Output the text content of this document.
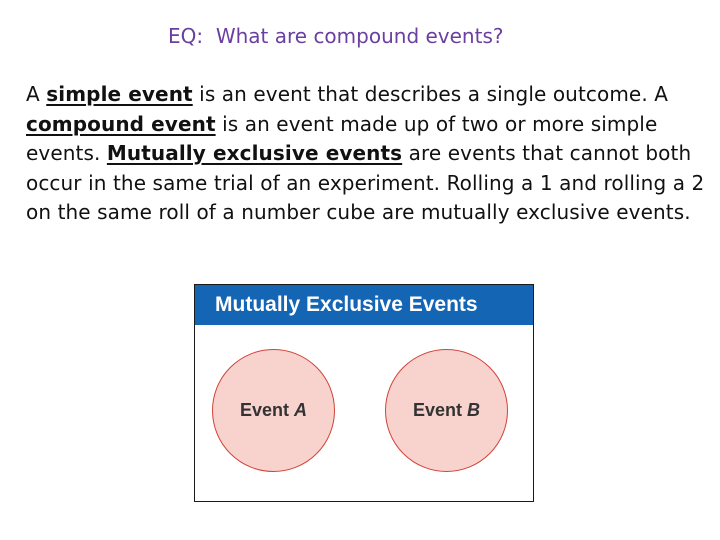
EQ:  What are compound events?

A simple event is an event that describes a single outcome. A compound event is an event made up of two or more simple events. Mutually exclusive events are events that cannot both occur in the same trial of an experiment. Rolling a 1 and rolling a 2 on the same roll of a number cube are mutually exclusive events.

Mutually Exclusive Events
Event A	Event B
